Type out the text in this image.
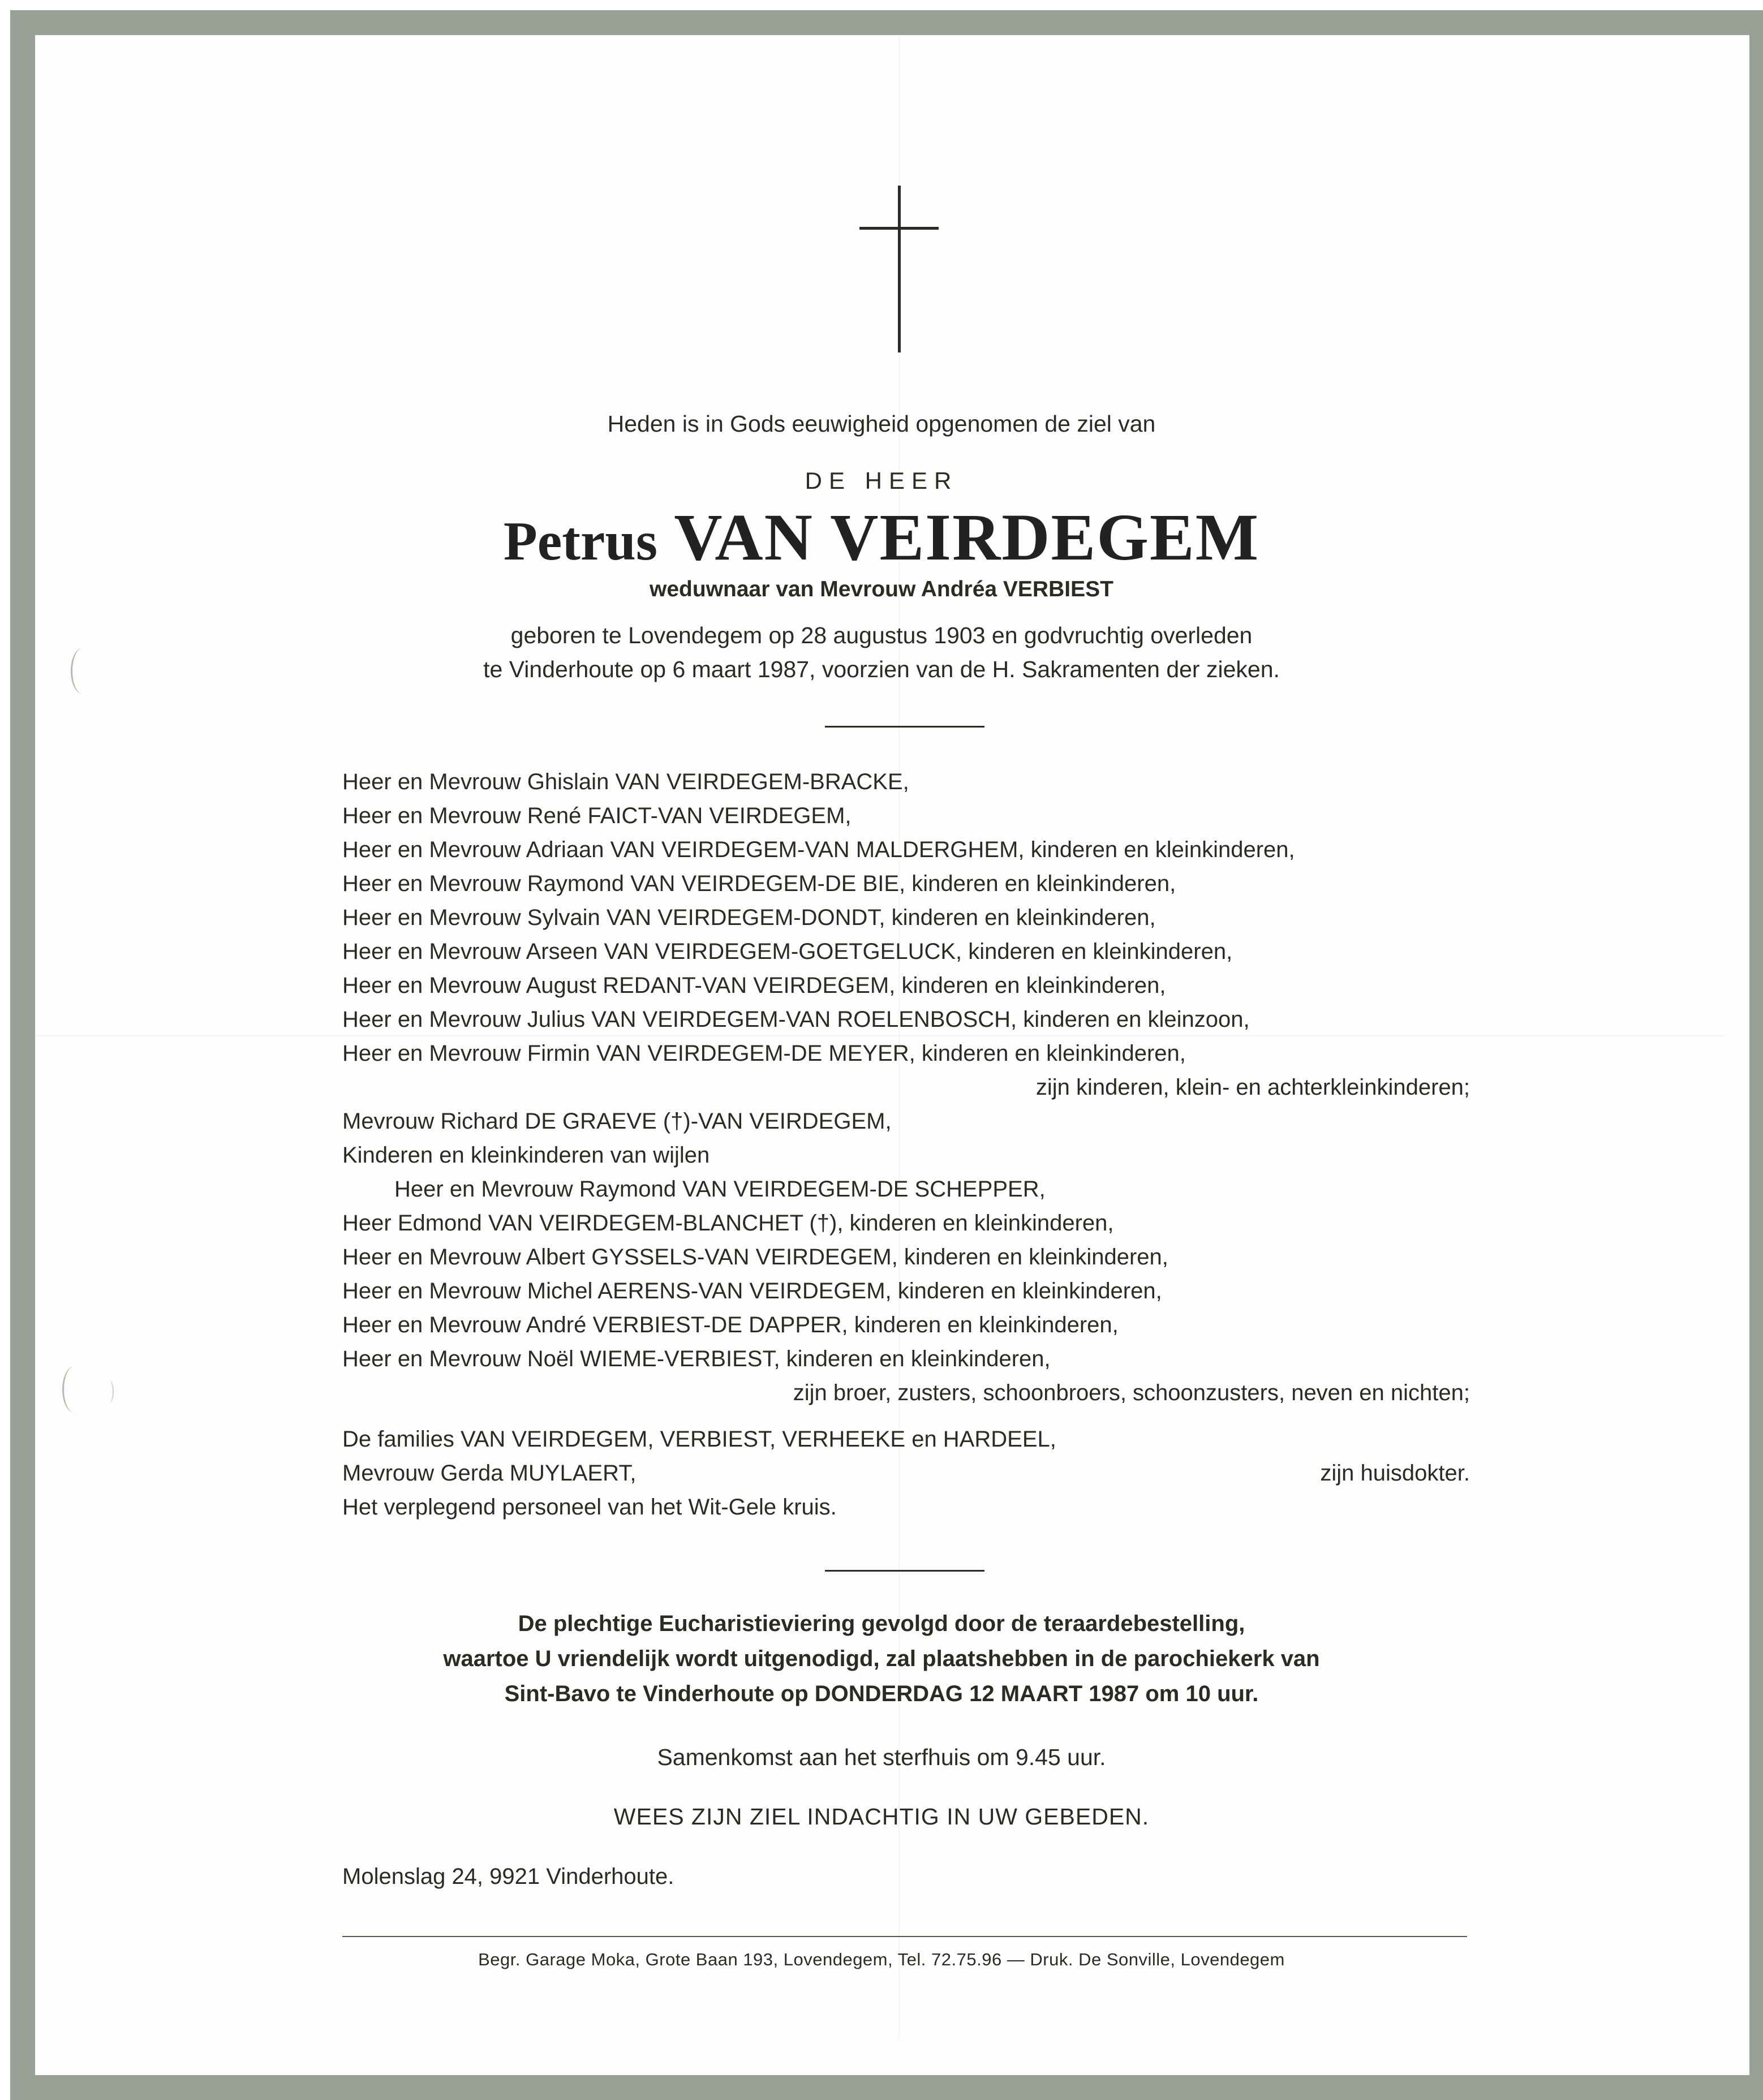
Heden is in Gods eeuwigheid opgenomen de ziel van
DE HEER
Petrus VAN VEIRDEGEM
weduwnaar van Mevrouw Andréa VERBIEST
geboren te Lovendegem op 28 augustus 1903 en godvruchtig overleden
te Vinderhoute op 6 maart 1987, voorzien van de H. Sakramenten der zieken.
Heer en Mevrouw Ghislain VAN VEIRDEGEM-BRACKE,
Heer en Mevrouw René FAICT-VAN VEIRDEGEM,
Heer en Mevrouw Adriaan VAN VEIRDEGEM-VAN MALDERGHEM, kinderen en kleinkinderen,
Heer en Mevrouw Raymond VAN VEIRDEGEM-DE BIE, kinderen en kleinkinderen,
Heer en Mevrouw Sylvain VAN VEIRDEGEM-DONDT, kinderen en kleinkinderen,
Heer en Mevrouw Arseen VAN VEIRDEGEM-GOETGELUCK, kinderen en kleinkinderen,
Heer en Mevrouw August REDANT-VAN VEIRDEGEM, kinderen en kleinkinderen,
Heer en Mevrouw Julius VAN VEIRDEGEM-VAN ROELENBOSCH, kinderen en kleinzoon,
Heer en Mevrouw Firmin VAN VEIRDEGEM-DE MEYER, kinderen en kleinkinderen,
zijn kinderen, klein- en achterkleinkinderen;
Mevrouw Richard DE GRAEVE (†)-VAN VEIRDEGEM,
Kinderen en kleinkinderen van wijlen
Heer en Mevrouw Raymond VAN VEIRDEGEM-DE SCHEPPER,
Heer Edmond VAN VEIRDEGEM-BLANCHET (†), kinderen en kleinkinderen,
Heer en Mevrouw Albert GYSSELS-VAN VEIRDEGEM, kinderen en kleinkinderen,
Heer en Mevrouw Michel AERENS-VAN VEIRDEGEM, kinderen en kleinkinderen,
Heer en Mevrouw André VERBIEST-DE DAPPER, kinderen en kleinkinderen,
Heer en Mevrouw Noël WIEME-VERBIEST, kinderen en kleinkinderen,
zijn broer, zusters, schoonbroers, schoonzusters, neven en nichten;
De families VAN VEIRDEGEM, VERBIEST, VERHEEKE en HARDEEL,
Mevrouw Gerda MUYLAERT,	zijn huisdokter.
Het verplegend personeel van het Wit-Gele kruis.
De plechtige Eucharistieviering gevolgd door de teraardebestelling,
waartoe U vriendelijk wordt uitgenodigd, zal plaatshebben in de parochiekerk van
Sint-Bavo te Vinderhoute op DONDERDAG 12 MAART 1987 om 10 uur.
Samenkomst aan het sterfhuis om 9.45 uur.
WEES ZIJN ZIEL INDACHTIG IN UW GEBEDEN.
Molenslag 24, 9921 Vinderhoute.
Begr. Garage Moka, Grote Baan 193, Lovendegem, Tel. 72.75.96 — Druk. De Sonville, Lovendegem
